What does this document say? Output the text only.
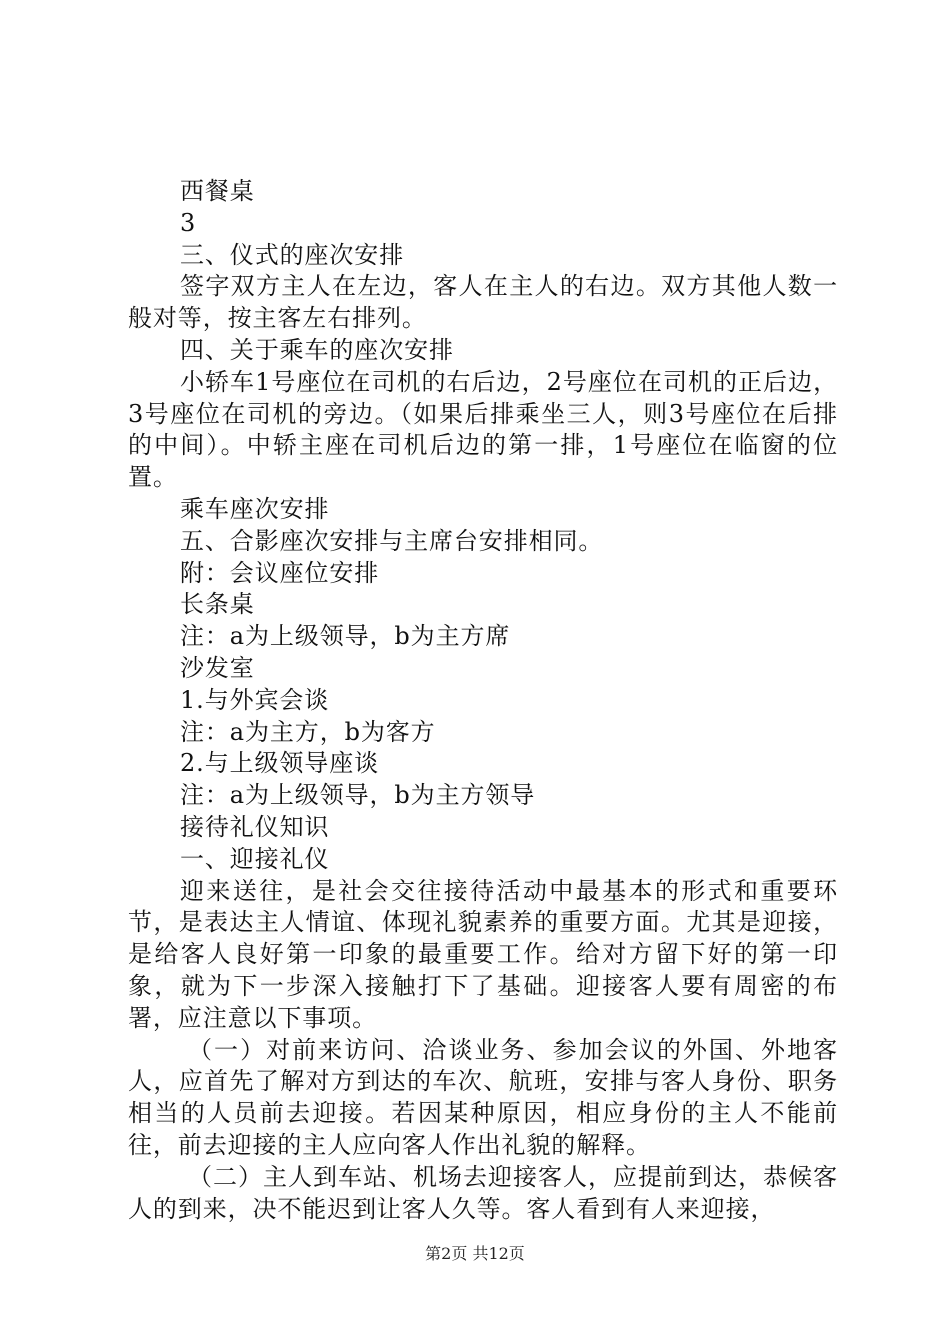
西餐桌

3

三、仪式的座次安排

签字双方主人在左边，客人在主人的右边。双方其他人数一般对等，按主客左右排列。

四、关于乘车的座次安排

小轿车1号座位在司机的右后边，2号座位在司机的正后边，3号座位在司机的旁边。（如果后排乘坐三人，则3号座位在后排的中间）。中轿主座在司机后边的第一排，1号座位在临窗的位置。

乘车座次安排

五、合影座次安排与主席台安排相同。

附：会议座位安排

长条桌

注：a为上级领导，b为主方席

沙发室

1.与外宾会谈

注：a为主方，b为客方

2.与上级领导座谈

注：a为上级领导，b为主方领导

接待礼仪知识

一、迎接礼仪

迎来送往，是社会交往接待活动中最基本的形式和重要环节，是表达主人情谊、体现礼貌素养的重要方面。尤其是迎接，是给客人良好第一印象的最重要工作。给对方留下好的第一印象，就为下一步深入接触打下了基础。迎接客人要有周密的布署，应注意以下事项。

（一）对前来访问、洽谈业务、参加会议的外国、外地客人，应首先了解对方到达的车次、航班，安排与客人身份、职务相当的人员前去迎接。若因某种原因，相应身份的主人不能前往，前去迎接的主人应向客人作出礼貌的解释。

（二）主人到车站、机场去迎接客人，应提前到达，恭候客人的到来，决不能迟到让客人久等。客人看到有人来迎接，

第2页 共12页
